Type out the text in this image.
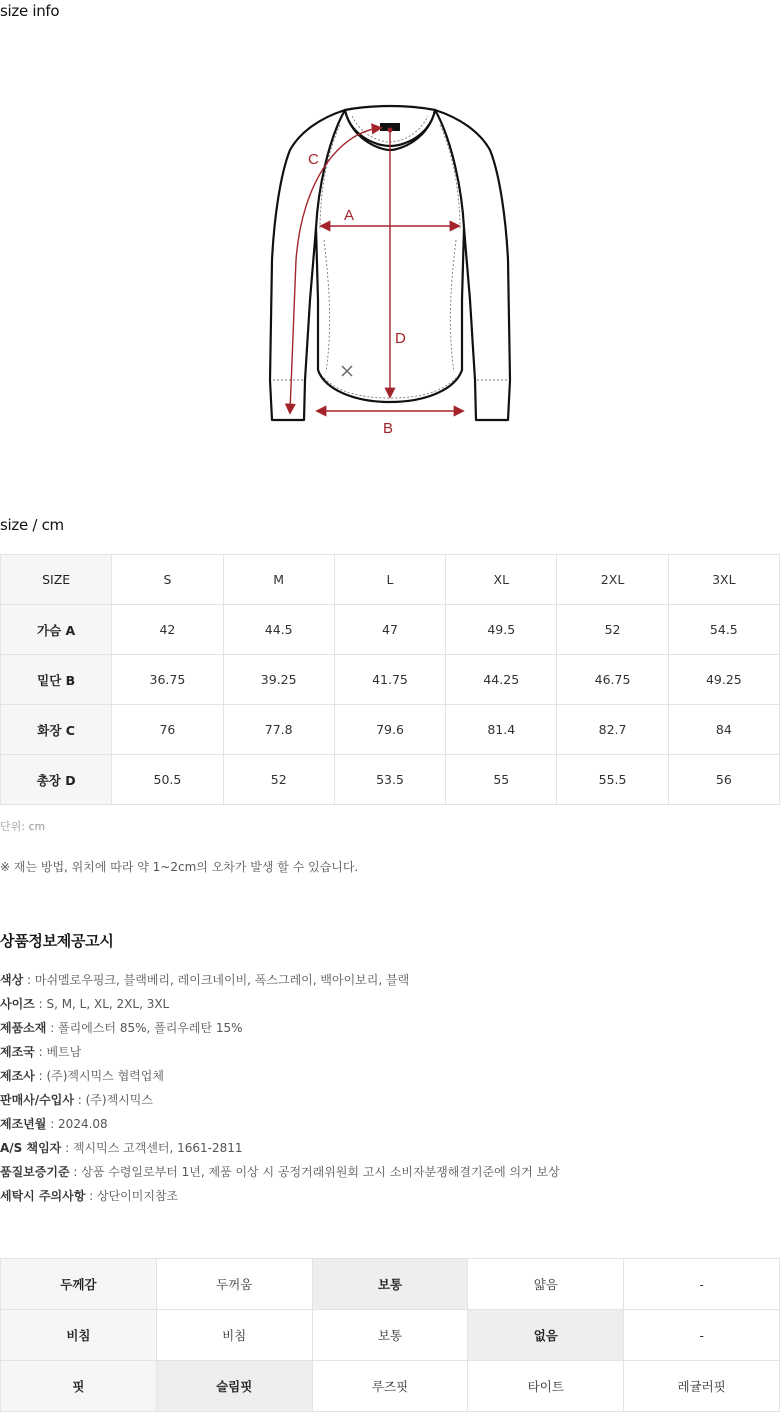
size info
A
B
C
D
size / cm
SIZE	S	M	L	XL	2XL	3XL
가슴 A	42	44.5	47	49.5	52	54.5
밑단 B	36.75	39.25	41.75	44.25	46.75	49.25
화장 C	76	77.8	79.6	81.4	82.7	84
총장 D	50.5	52	53.5	55	55.5	56
단위: cm
※ 재는 방법, 위치에 따라 약 1~2cm의 오차가 발생 할 수 있습니다.
상품정보제공고시
색상 : 마쉬멜로우핑크, 블랙베리, 레이크네이비, 폭스그레이, 백아이보리, 블랙
사이즈 : S, M, L, XL, 2XL, 3XL
제품소재 : 폴리에스터 85%, 폴리우레탄 15%
제조국 : 베트남
제조사 : (주)젝시믹스 협력업체
판매사/수입사 : (주)젝시믹스
제조년월 : 2024.08
A/S 책임자 : 젝시믹스 고객센터, 1661-2811
품질보증기준 : 상품 수령일로부터 1년, 제품 이상 시 공정거래위원회 고시 소비자분쟁해결기준에 의거 보상
세탁시 주의사항 : 상단이미지참조
두께감	두꺼움	보통	얇음	-
비침	비침	보통	없음	-
핏	슬림핏	루즈핏	타이트	레귤러핏
